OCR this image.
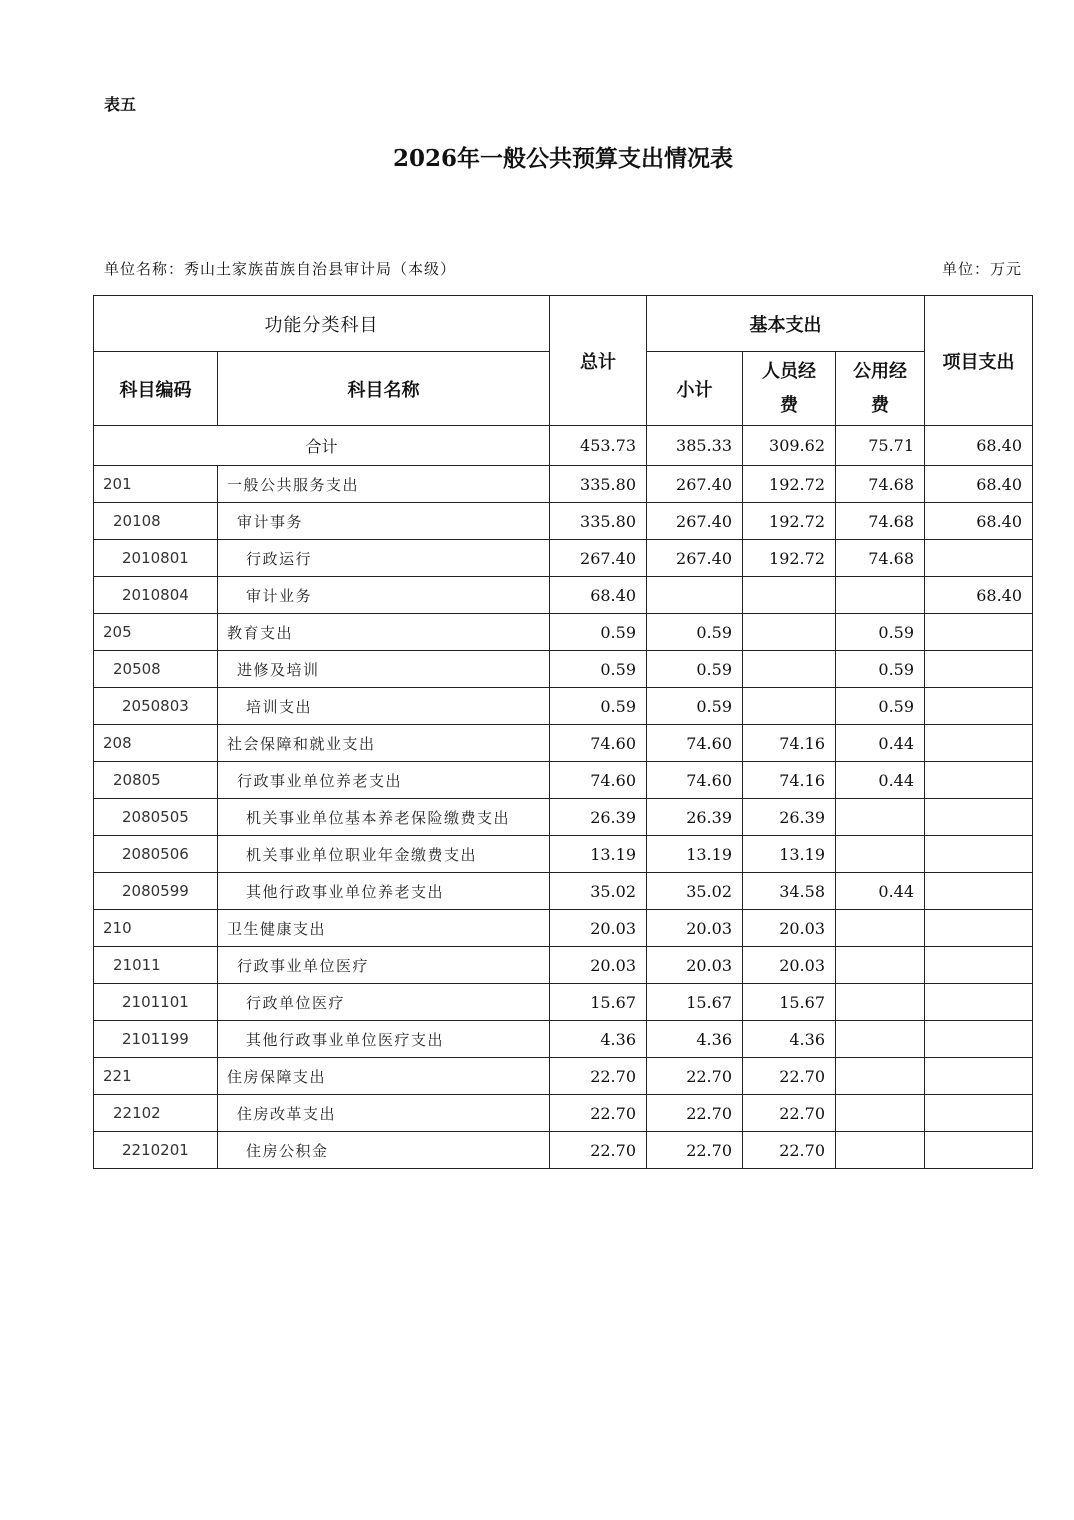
表五
2026年一般公共预算支出情况表
单位名称：秀山土家族苗族自治县审计局（本级）	单位：万元
功能分类科目		总计	基本支出			项目支出
科目编码	科目名称		小计	人员经费	公用经费	
合计		453.73	385.33	309.62	75.71	68.40
201	一般公共服务支出	335.80	267.40	192.72	74.68	68.40
20108	审计事务	335.80	267.40	192.72	74.68	68.40
2010801	行政运行	267.40	267.40	192.72	74.68	
2010804	审计业务	68.40				68.40
205	教育支出	0.59	0.59		0.59	
20508	进修及培训	0.59	0.59		0.59	
2050803	培训支出	0.59	0.59		0.59	
208	社会保障和就业支出	74.60	74.60	74.16	0.44	
20805	行政事业单位养老支出	74.60	74.60	74.16	0.44	
2080505	机关事业单位基本养老保险缴费支出	26.39	26.39	26.39		
2080506	机关事业单位职业年金缴费支出	13.19	13.19	13.19		
2080599	其他行政事业单位养老支出	35.02	35.02	34.58	0.44	
210	卫生健康支出	20.03	20.03	20.03		
21011	行政事业单位医疗	20.03	20.03	20.03		
2101101	行政单位医疗	15.67	15.67	15.67		
2101199	其他行政事业单位医疗支出	4.36	4.36	4.36		
221	住房保障支出	22.70	22.70	22.70		
22102	住房改革支出	22.70	22.70	22.70		
2210201	住房公积金	22.70	22.70	22.70		
